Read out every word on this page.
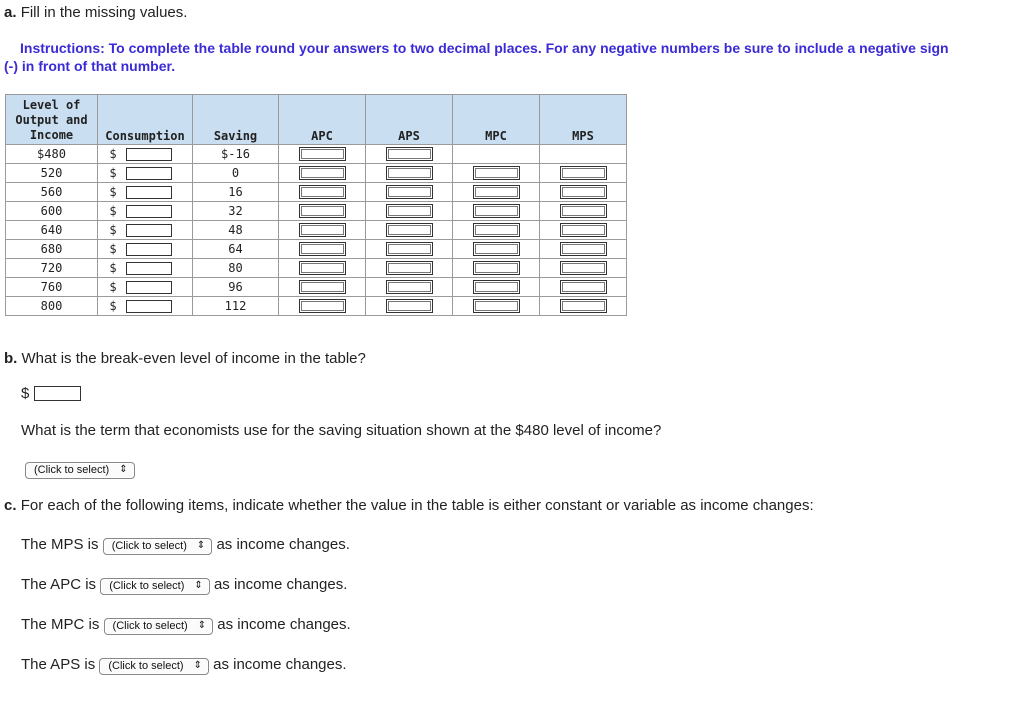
a. Fill in the missing values.
Instructions: To complete the table round your answers to two decimal places. For any negative numbers be sure to include a negative sign (-) in front of that number.
Level of
Output and
Income	Consumption	Saving	APC	APS	MPC	MPS
$480	$	$-16				
520	$	0				
560	$	16				
600	$	32				
640	$	48				
680	$	64				
720	$	80				
760	$	96				
800	$	112				
b. What is the break-even level of income in the table?
$
What is the term that economists use for the saving situation shown at the $480 level of income?
(Click to select) ⇕
c. For each of the following items, indicate whether the value in the table is either constant or variable as income changes:
The MPS is (Click to select) ⇕ as income changes.
The APC is (Click to select) ⇕ as income changes.
The MPC is (Click to select) ⇕ as income changes.
The APS is (Click to select) ⇕ as income changes.
